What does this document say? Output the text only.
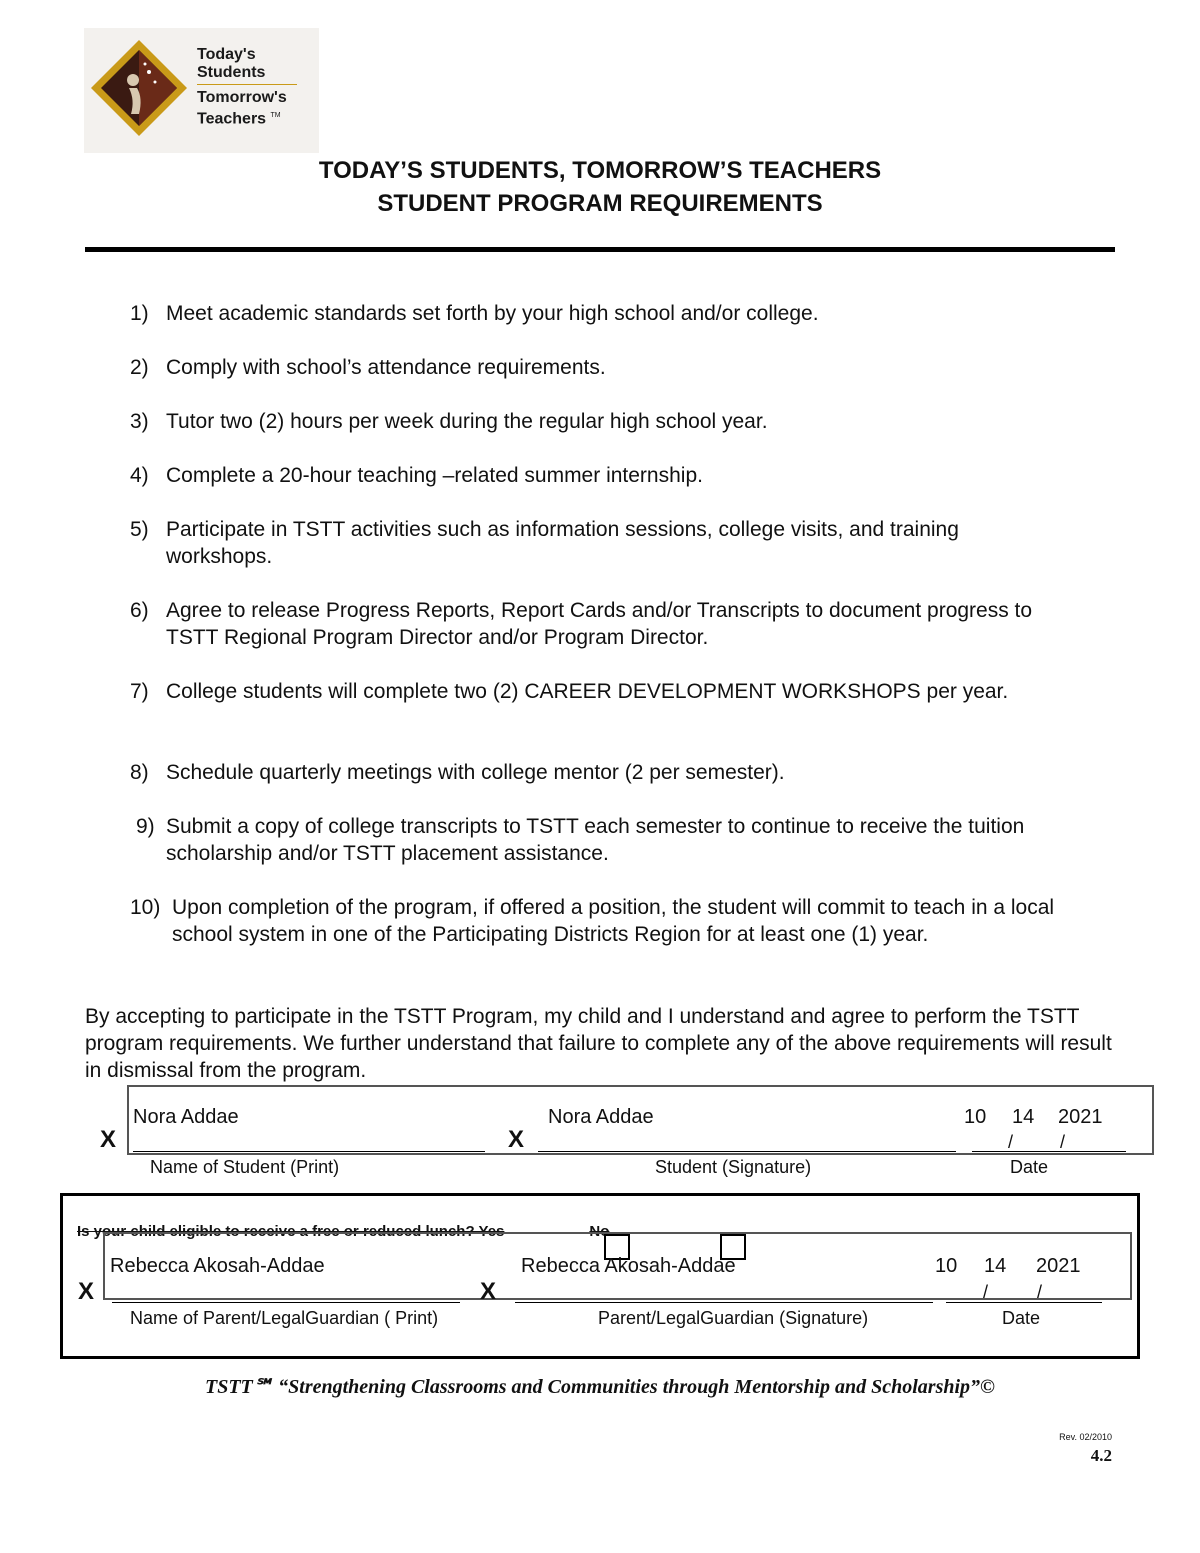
Today's
Students
Tomorrow's
Teachers ™
TODAY’S STUDENTS, TOMORROW’S TEACHERS
STUDENT PROGRAM REQUIREMENTS
1) Meet academic standards set forth by your high school and/or college.
2) Comply with school’s attendance requirements.
3) Tutor two (2) hours per week during the regular high school year.
4) Complete a 20-hour teaching –related summer internship.
5) Participate in TSTT activities such as information sessions, college visits, and training workshops.
6) Agree to release Progress Reports, Report Cards and/or Transcripts to document progress to TSTT Regional Program Director and/or Program Director.
7) College students will complete two (2) CAREER DEVELOPMENT WORKSHOPS per year.
8) Schedule quarterly meetings with college mentor (2 per semester).
9) Submit a copy of college transcripts to TSTT each semester to continue to receive the tuition scholarship and/or TSTT placement assistance.
10) Upon completion of the program, if offered a position, the student will commit to teach in a local school system in one of the Participating Districts Region for at least one (1) year.
By accepting to participate in the TSTT Program, my child and I understand and agree to perform the TSTT program requirements. We further understand that failure to complete any of the above requirements will result in dismissal from the program.
X
Nora Addae
X
Nora Addae	10 14 2021
/	/
Name of Student (Print)	Student (Signature)	Date
Is your child eligible to receive a free or reduced lunch? Yes	No
X
Rebecca Akosah-Addae
X
Rebecca Akosah-Addae	10 14 2021
/	/
Name of Parent/LegalGuardian ( Print)	Parent/LegalGuardian (Signature)	Date
TSTT℠ “Strengthening Classrooms and Communities through Mentorship and Scholarship”©
Rev. 02/2010
4.2
